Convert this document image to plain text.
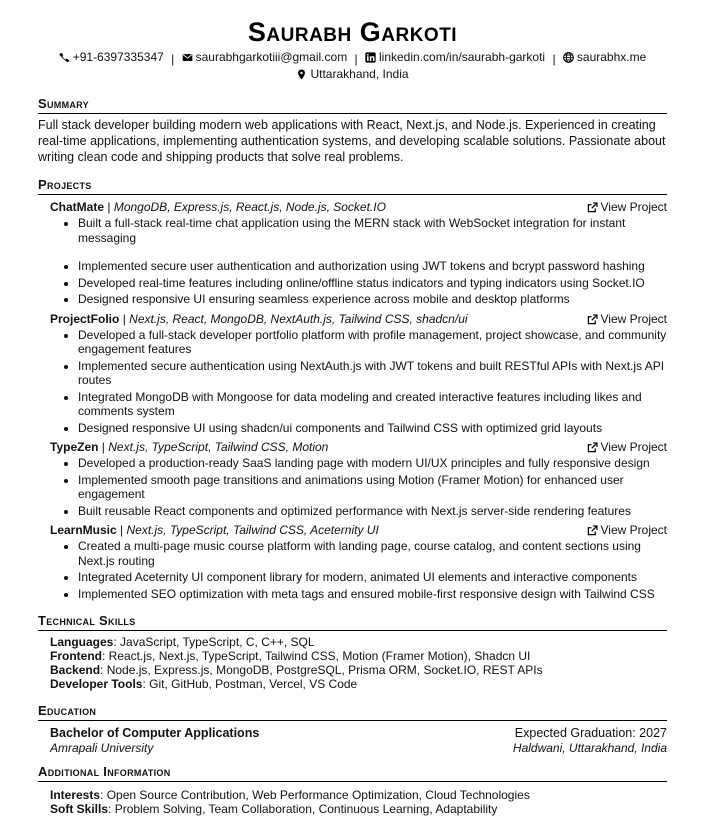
Saurabh Garkoti
+91-6397335347 | saurabhgarkotiii@gmail.com | linkedin.com/in/saurabh-garkoti | saurabhx.me

Uttarakhand, India
Summary
Full stack developer building modern web applications with React, Next.js, and Node.js. Experienced in creating real-time applications, implementing authentication systems, and developing scalable solutions. Passionate about writing clean code and shipping products that solve real problems.
Projects
ChatMate | MongoDB, Express.js, React.js, Node.js, Socket.IO	View Project
• Built a full-stack real-time chat application using the MERN stack with WebSocket integration for instant messaging
• Implemented secure user authentication and authorization using JWT tokens and bcrypt password hashing
• Developed real-time features including online/offline status indicators and typing indicators using Socket.IO
• Designed responsive UI ensuring seamless experience across mobile and desktop platforms
ProjectFolio | Next.js, React, MongoDB, NextAuth.js, Tailwind CSS, shadcn/ui	View Project
• Developed a full-stack developer portfolio platform with profile management, project showcase, and community engagement features
• Implemented secure authentication using NextAuth.js with JWT tokens and built RESTful APIs with Next.js API routes
• Integrated MongoDB with Mongoose for data modeling and created interactive features including likes and comments system
• Designed responsive UI using shadcn/ui components and Tailwind CSS with optimized grid layouts
TypeZen | Next.js, TypeScript, Tailwind CSS, Motion	View Project
• Developed a production-ready SaaS landing page with modern UI/UX principles and fully responsive design
• Implemented smooth page transitions and animations using Motion (Framer Motion) for enhanced user engagement
• Built reusable React components and optimized performance with Next.js server-side rendering features
LearnMusic | Next.js, TypeScript, Tailwind CSS, Aceternity UI	View Project
• Created a multi-page music course platform with landing page, course catalog, and content sections using Next.js routing
• Integrated Aceternity UI component library for modern, animated UI elements and interactive components
• Implemented SEO optimization with meta tags and ensured mobile-first responsive design with Tailwind CSS
Technical Skills
Languages: JavaScript, TypeScript, C, C++, SQL
Frontend: React.js, Next.js, TypeScript, Tailwind CSS, Motion (Framer Motion), Shadcn UI
Backend: Node.js, Express.js, MongoDB, PostgreSQL, Prisma ORM, Socket.IO, REST APIs
Developer Tools: Git, GitHub, Postman, Vercel, VS Code
Education
Bachelor of Computer Applications	Expected Graduation: 2027
Amrapali University	Haldwani, Uttarakhand, India
Additional Information
Interests: Open Source Contribution, Web Performance Optimization, Cloud Technologies
Soft Skills: Problem Solving, Team Collaboration, Continuous Learning, Adaptability
